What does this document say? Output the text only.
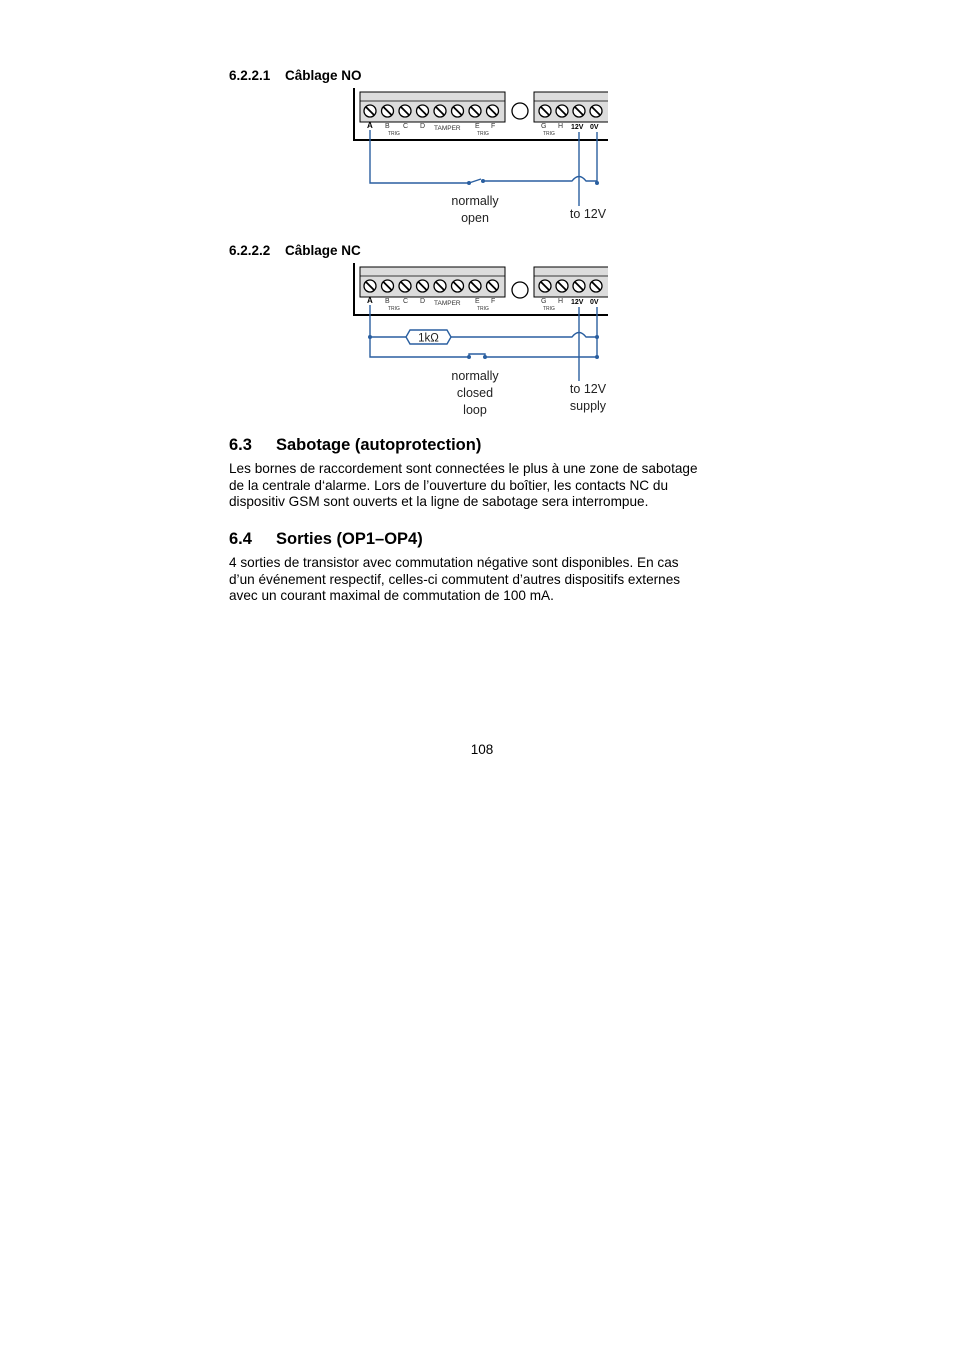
6.2.2.1 Câblage NO
A B C D TAMPER E F
TRIG	TRIG
G H
TRIG
12V 0V
normally
open	to 12V
6.2.2.2 Câblage NC
A B C D TAMPER E F
TRIG	TRIG
G H
TRIG
12V 0V
1kΩ
normally
closed
loop
to 12V
supply
6.3 Sabotage (autoprotection)
Les bornes de raccordement sont connectées le plus à une zone de sabotage
de la centrale d‘alarme. Lors de l’ouverture du boîtier, les contacts NC du
dispositiv GSM sont ouverts et la ligne de sabotage sera interrompue.
6.4 Sorties (OP1–OP4)
4 sorties de transistor avec commutation négative sont disponibles. En cas
d’un événement respectif, celles-ci commutent d’autres dispositifs externes
avec un courant maximal de commutation de 100 mA.
108
